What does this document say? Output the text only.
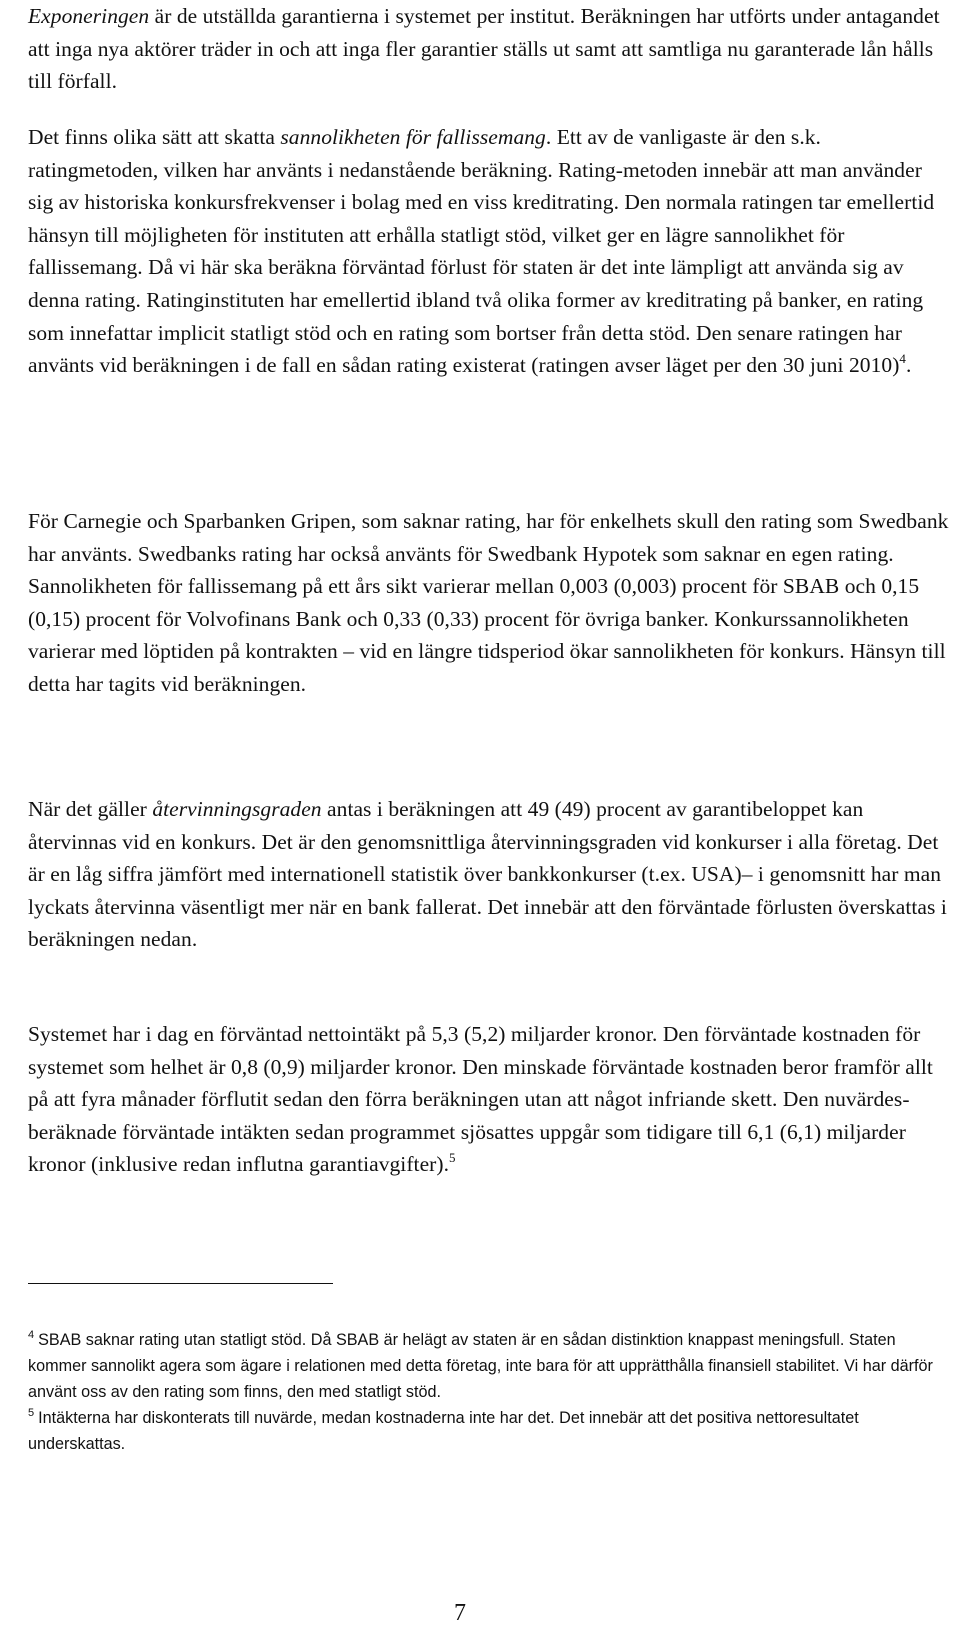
Exponeringen är de utställda garantierna i systemet per institut. Beräkningen har utförts under antagandet att inga nya aktörer träder in och att inga fler garantier ställs ut samt att samtliga nu garanterade lån hålls till förfall.

Det finns olika sätt att skatta sannolikheten för fallissemang. Ett av de vanligaste är den s.k. ratingmetoden, vilken har använts i nedanstående beräkning. Rating-metoden innebär att man använder sig av historiska konkursfrekvenser i bolag med en viss kreditrating. Den normala ratingen tar emellertid hänsyn till möjligheten för instituten att erhålla statligt stöd, vilket ger en lägre sannolikhet för fallissemang. Då vi här ska beräkna förväntad förlust för staten är det inte lämpligt att använda sig av denna rating. Ratinginstituten har emellertid ibland två olika former av kreditrating på banker, en rating som innefattar implicit statligt stöd och en rating som bortser från detta stöd. Den senare ratingen har använts vid beräkningen i de fall en sådan rating existerat (ratingen avser läget per den 30 juni 2010)$^4$.

För Carnegie och Sparbanken Gripen, som saknar rating, har för enkelhets skull den rating som Swedbank har använts. Swedbanks rating har också använts för Swedbank Hypotek som saknar en egen rating. Sannolikheten för fallissemang på ett års sikt varierar mellan 0,003 (0,003) procent för SBAB och 0,15 (0,15) procent för Volvofinans Bank och 0,33 (0,33) procent för övriga banker. Konkurssannolikheten varierar med löptiden på kontrakten – vid en längre tidsperiod ökar sannolikheten för konkurs. Hänsyn till detta har tagits vid beräkningen.

När det gäller återvinningsgraden antas i beräkningen att 49 (49) procent av garantibeloppet kan återvinnas vid en konkurs. Det är den genomsnittliga återvinningsgraden vid konkurser i alla företag. Det är en låg siffra jämfört med internationell statistik över bankkonkurser (t.ex. USA)– i genomsnitt har man lyckats återvinna väsentligt mer när en bank fallerat. Det innebär att den förväntade förlusten överskattas i beräkningen nedan.

Systemet har i dag en förväntad nettointäkt på 5,3 (5,2) miljarder kronor. Den förväntade kostnaden för systemet som helhet är 0,8 (0,9) miljarder kronor. Den minskade förväntade kostnaden beror framför allt på att fyra månader förflutit sedan den förra beräkningen utan att något infriande skett. Den nuvärdes-beräknade förväntade intäkten sedan programmet sjösattes uppgår som tidigare till 6,1 (6,1) miljarder kronor (inklusive redan influtna garantiavgifter).$^5$

$^4$ SBAB saknar rating utan statligt stöd. Då SBAB är helägt av staten är en sådan distinktion knappast meningsfull. Staten kommer sannolikt agera som ägare i relationen med detta företag, inte bara för att upprätthålla finansiell stabilitet. Vi har därför använt oss av den rating som finns, den med statligt stöd.

$^5$ Intäkterna har diskonterats till nuvärde, medan kostnaderna inte har det. Det innebär att det positiva nettoresultatet underskattas.

7
